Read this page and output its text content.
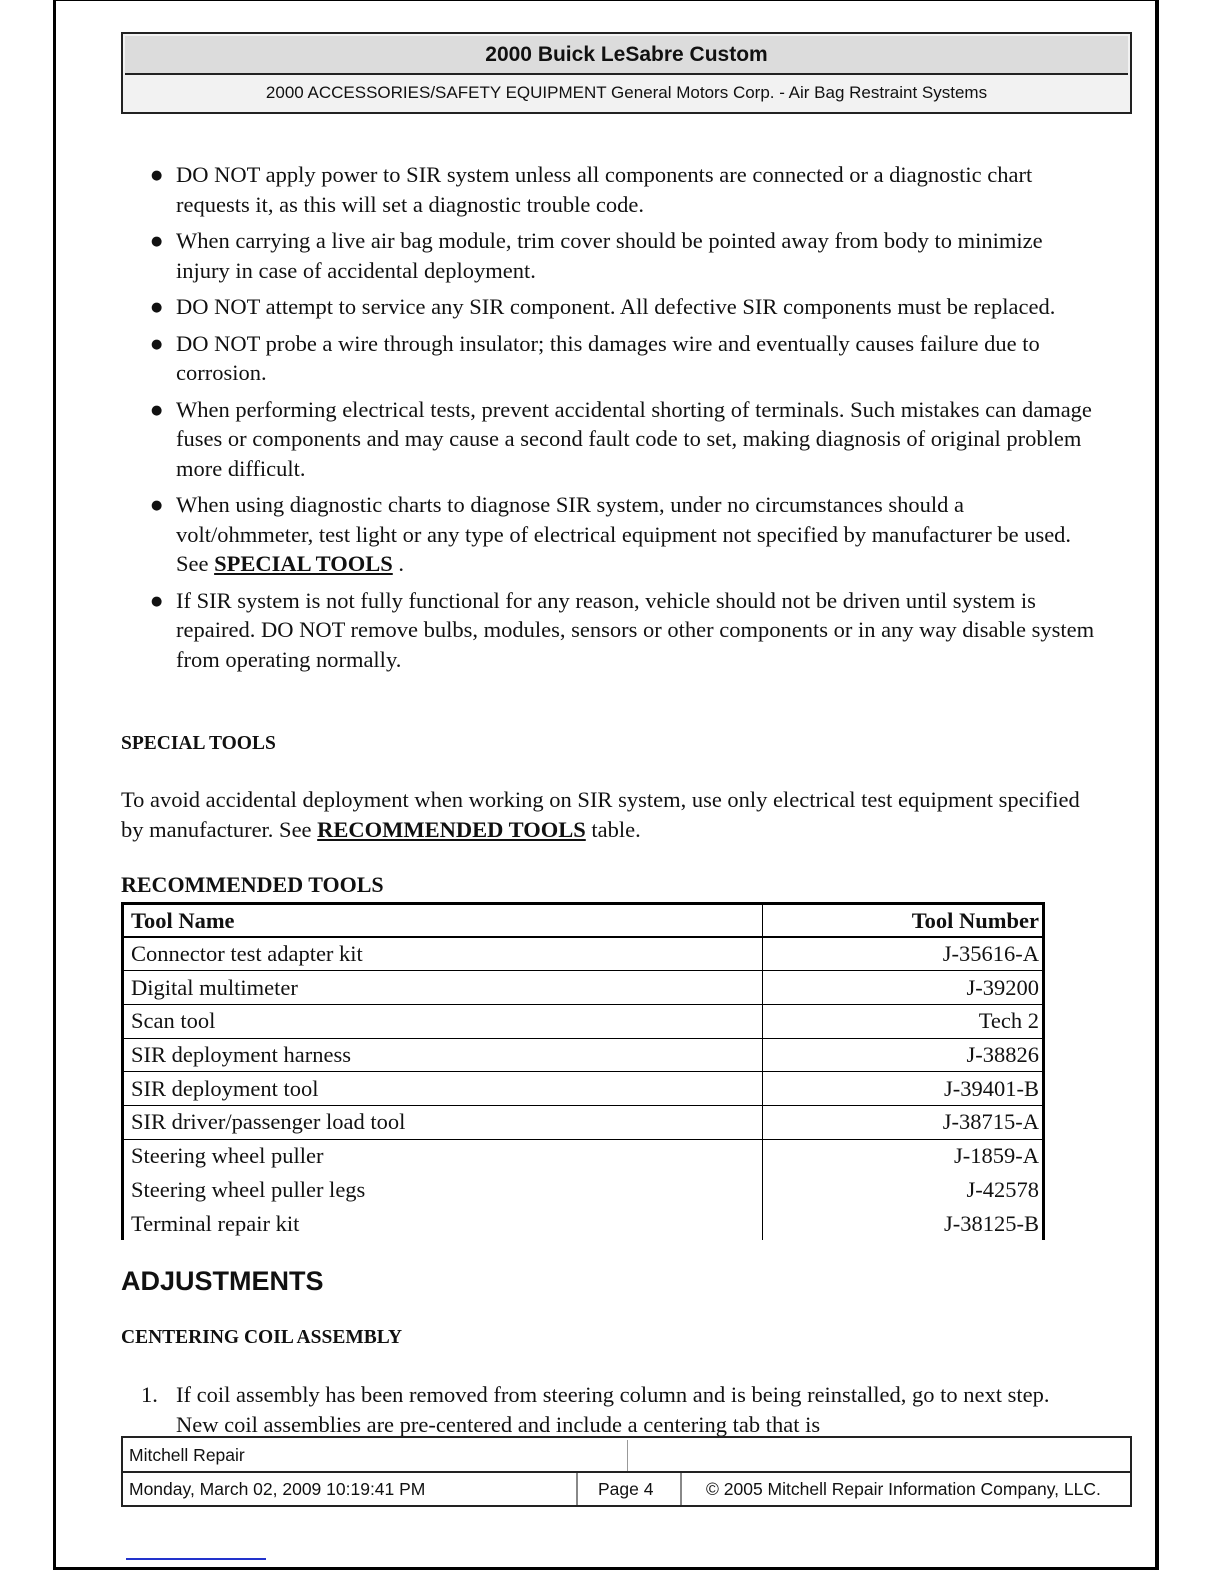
2000 Buick LeSabre Custom
2000 ACCESSORIES/SAFETY EQUIPMENT General Motors Corp. - Air Bag Restraint Systems
● DO NOT apply power to SIR system unless all components are connected or a diagnostic chart requests it, as this will set a diagnostic trouble code.
● When carrying a live air bag module, trim cover should be pointed away from body to minimize injury in case of accidental deployment.
● DO NOT attempt to service any SIR component. All defective SIR components must be replaced.
● DO NOT probe a wire through insulator; this damages wire and eventually causes failure due to corrosion.
● When performing electrical tests, prevent accidental shorting of terminals. Such mistakes can damage fuses or components and may cause a second fault code to set, making diagnosis of original problem more difficult.
● When using diagnostic charts to diagnose SIR system, under no circumstances should a volt/ohmmeter, test light or any type of electrical equipment not specified by manufacturer be used. See SPECIAL TOOLS .
● If SIR system is not fully functional for any reason, vehicle should not be driven until system is repaired. DO NOT remove bulbs, modules, sensors or other components or in any way disable system from operating normally.
SPECIAL TOOLS
To avoid accidental deployment when working on SIR system, use only electrical test equipment specified by manufacturer. See RECOMMENDED TOOLS table.
RECOMMENDED TOOLS
Tool Name	Tool Number
Connector test adapter kit	J-35616-A
Digital multimeter	J-39200
Scan tool	Tech 2
SIR deployment harness	J-38826
SIR deployment tool	J-39401-B
SIR driver/passenger load tool	J-38715-A
Steering wheel puller	J-1859-A
Steering wheel puller legs	J-42578
Terminal repair kit	J-38125-B
ADJUSTMENTS
CENTERING COIL ASSEMBLY
1. If coil assembly has been removed from steering column and is being reinstalled, go to next step. New coil assemblies are pre-centered and include a centering tab that is
Mitchell Repair
Monday, March 02, 2009 10:19:41 PM	Page 4	© 2005 Mitchell Repair Information Company, LLC.
